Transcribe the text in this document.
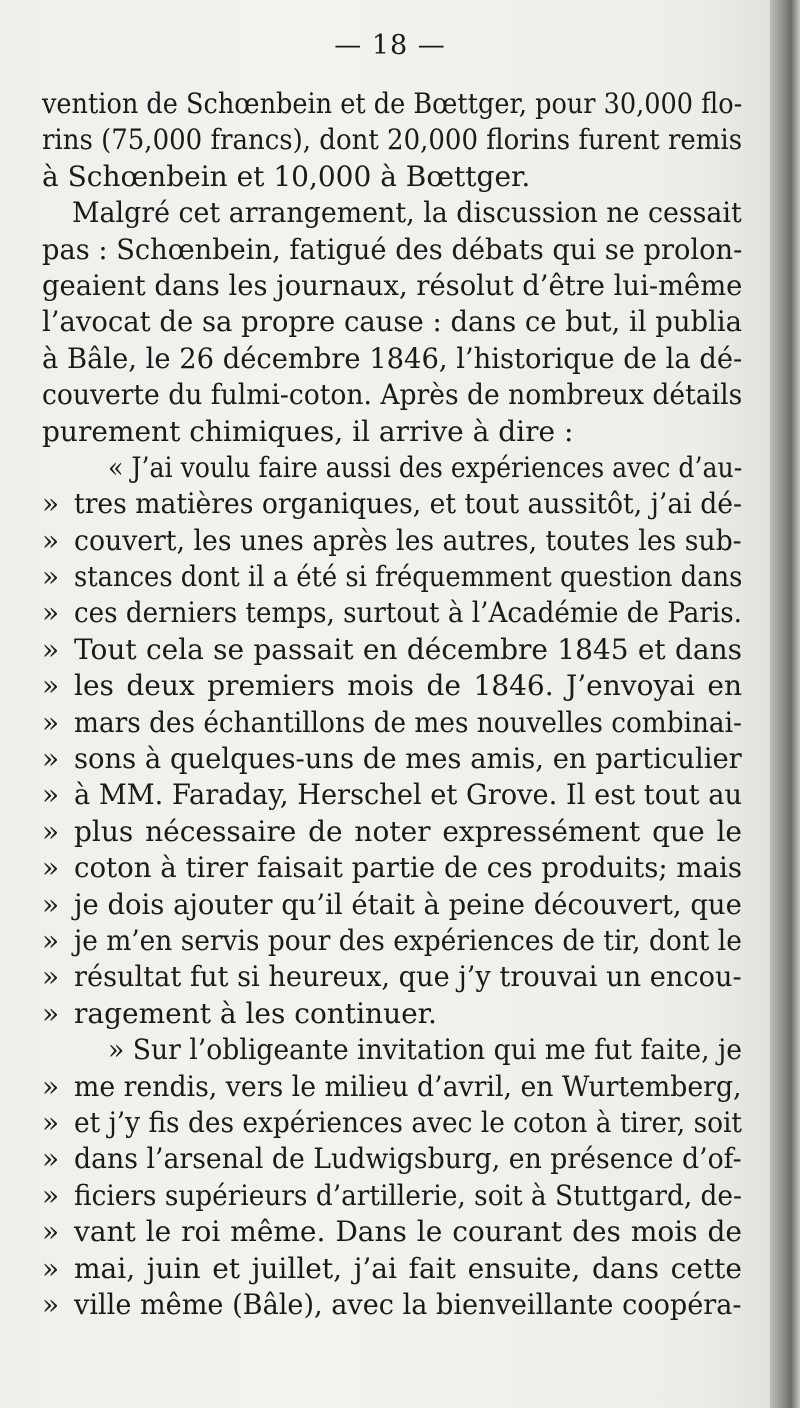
— 18 —
vention de Schœnbein et de Bœttger, pour 30,000 flo-
rins (75,000 francs), dont 20,000 florins furent remis
à Schœnbein et 10,000 à Bœttger.
Malgré cet arrangement, la discussion ne cessait
pas : Schœnbein, fatigué des débats qui se prolon-
geaient dans les journaux, résolut d’être lui-même
l’avocat de sa propre cause : dans ce but, il publia
à Bâle, le 26 décembre 1846, l’historique de la dé-
couverte du fulmi-coton. Après de nombreux détails
purement chimiques, il arrive à dire :
« J’ai voulu faire aussi des expériences avec d’au-
» tres matières organiques, et tout aussitôt, j’ai dé-
» couvert, les unes après les autres, toutes les sub-
» stances dont il a été si fréquemment question dans
» ces derniers temps, surtout à l’Académie de Paris.
» Tout cela se passait en décembre 1845 et dans
» les deux premiers mois de 1846. J’envoyai en
» mars des échantillons de mes nouvelles combinai-
» sons à quelques-uns de mes amis, en particulier
» à MM. Faraday, Herschel et Grove. Il est tout au
» plus nécessaire de noter expressément que le
» coton à tirer faisait partie de ces produits; mais
» je dois ajouter qu’il était à peine découvert, que
» je m’en servis pour des expériences de tir, dont le
» résultat fut si heureux, que j’y trouvai un encou-
» ragement à les continuer.
» Sur l’obligeante invitation qui me fut faite, je
» me rendis, vers le milieu d’avril, en Wurtemberg,
» et j’y fis des expériences avec le coton à tirer, soit
» dans l’arsenal de Ludwigsburg, en présence d’of-
» ficiers supérieurs d’artillerie, soit à Stuttgard, de-
» vant le roi même. Dans le courant des mois de
» mai, juin et juillet, j’ai fait ensuite, dans cette
» ville même (Bâle), avec la bienveillante coopéra-
